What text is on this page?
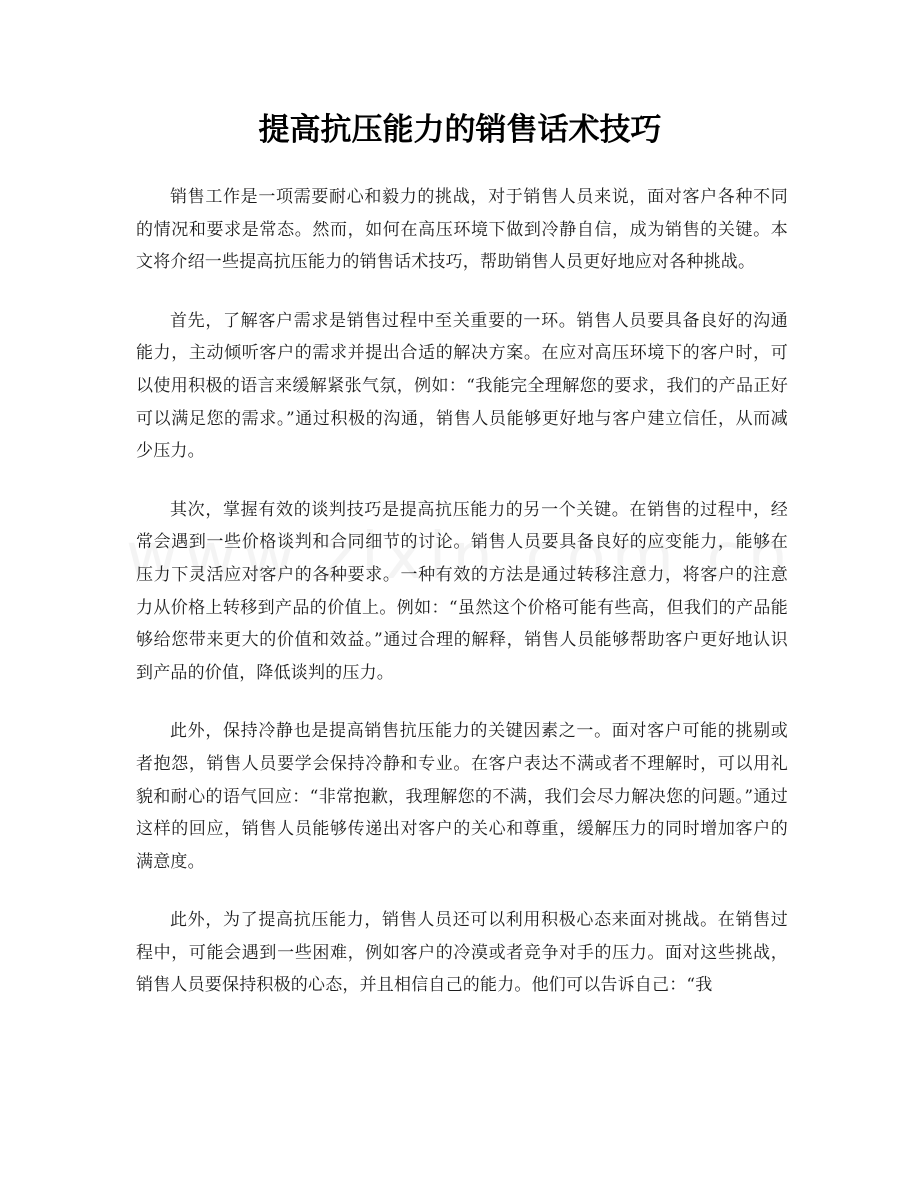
提高抗压能力的销售话术技巧

销售工作是一项需要耐心和毅力的挑战，对于销售人员来说，面对客户各种不同的情况和要求是常态。然而，如何在高压环境下做到冷静自信，成为销售的关键。本文将介绍一些提高抗压能力的销售话术技巧，帮助销售人员更好地应对各种挑战。

首先，了解客户需求是销售过程中至关重要的一环。销售人员要具备良好的沟通能力，主动倾听客户的需求并提出合适的解决方案。在应对高压环境下的客户时，可以使用积极的语言来缓解紧张气氛，例如：“我能完全理解您的要求，我们的产品正好可以满足您的需求。”通过积极的沟通，销售人员能够更好地与客户建立信任，从而减少压力。

其次，掌握有效的谈判技巧是提高抗压能力的另一个关键。在销售的过程中，经常会遇到一些价格谈判和合同细节的讨论。销售人员要具备良好的应变能力，能够在压力下灵活应对客户的各种要求。一种有效的方法是通过转移注意力，将客户的注意力从价格上转移到产品的价值上。例如：“虽然这个价格可能有些高，但我们的产品能够给您带来更大的价值和效益。”通过合理的解释，销售人员能够帮助客户更好地认识到产品的价值，降低谈判的压力。

此外，保持冷静也是提高销售抗压能力的关键因素之一。面对客户可能的挑剔或者抱怨，销售人员要学会保持冷静和专业。在客户表达不满或者不理解时，可以用礼貌和耐心的语气回应：“非常抱歉，我理解您的不满，我们会尽力解决您的问题。”通过这样的回应，销售人员能够传递出对客户的关心和尊重，缓解压力的同时增加客户的满意度。

此外，为了提高抗压能力，销售人员还可以利用积极心态来面对挑战。在销售过程中，可能会遇到一些困难，例如客户的冷漠或者竞争对手的压力。面对这些挑战，销售人员要保持积极的心态，并且相信自己的能力。他们可以告诉自己：“我
